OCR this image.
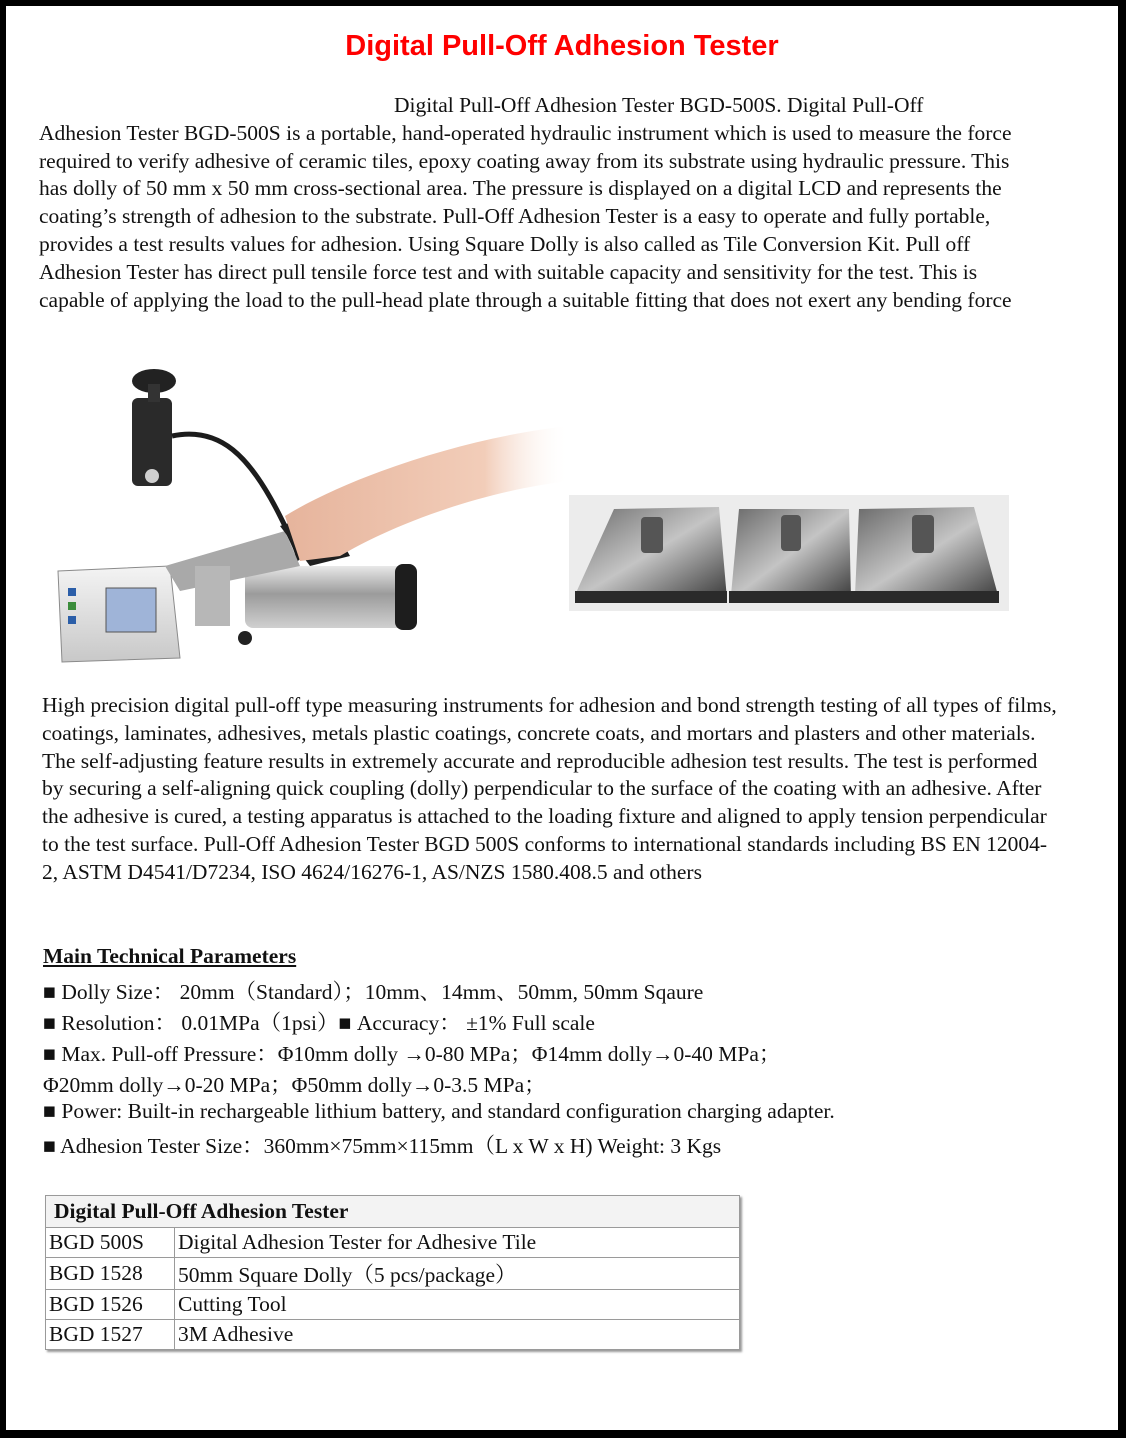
Digital Pull-Off Adhesion Tester

Digital Pull-Off Adhesion Tester BGD-500S. Digital Pull-Off
Adhesion Tester BGD-500S is a portable, hand-operated hydraulic instrument which is used to measure the force required to verify adhesive of ceramic tiles, epoxy coating away from its substrate using hydraulic pressure. This has dolly of 50 mm x 50 mm cross-sectional area. The pressure is displayed on a digital LCD and represents the coating’s strength of adhesion to the substrate. Pull-Off Adhesion Tester is a easy to operate and fully portable, provides a test results values for adhesion. Using Square Dolly is also called as Tile Conversion Kit. Pull off Adhesion Tester has direct pull tensile force test and with suitable capacity and sensitivity for the test. This is capable of applying the load to the pull-head plate through a suitable fitting that does not exert any bending force

High precision digital pull-off type measuring instruments for adhesion and bond strength testing of all types of films, coatings, laminates, adhesives, metals plastic coatings, concrete coats, and mortars and plasters and other materials. The self-adjusting feature results in extremely accurate and reproducible adhesion test results. The test is performed by securing a self-aligning quick coupling (dolly) perpendicular to the surface of the coating with an adhesive. After the adhesive is cured, a testing apparatus is attached to the loading fixture and aligned to apply tension perpendicular to the test surface. Pull-Off Adhesion Tester BGD 500S conforms to international standards including BS EN 12004-2, ASTM D4541/D7234, ISO 4624/16276-1, AS/NZS 1580.408.5 and others

Main Technical Parameters

■ Dolly Size： 20mm（Standard）；10mm、14mm、50mm, 50mm Sqaure

■ Resolution： 0.01MPa（1psi）■ Accuracy： ±1% Full scale

■ Max. Pull-off Pressure：Φ10mm dolly →0-80 MPa；Φ14mm dolly→0-40 MPa；

Φ20mm dolly→0-20 MPa；Φ50mm dolly→0-3.5 MPa；

■ Power: Built-in rechargeable lithium battery, and standard configuration charging adapter.

■ Adhesion Tester Size：360mm×75mm×115mm（L x W x H) Weight: 3 Kgs

Digital Pull-Off Adhesion Tester	
BGD 500S	Digital Adhesion Tester for Adhesive Tile
BGD 1528	50mm Square Dolly（5 pcs/package）
BGD 1526	Cutting Tool
BGD 1527	3M Adhesive
